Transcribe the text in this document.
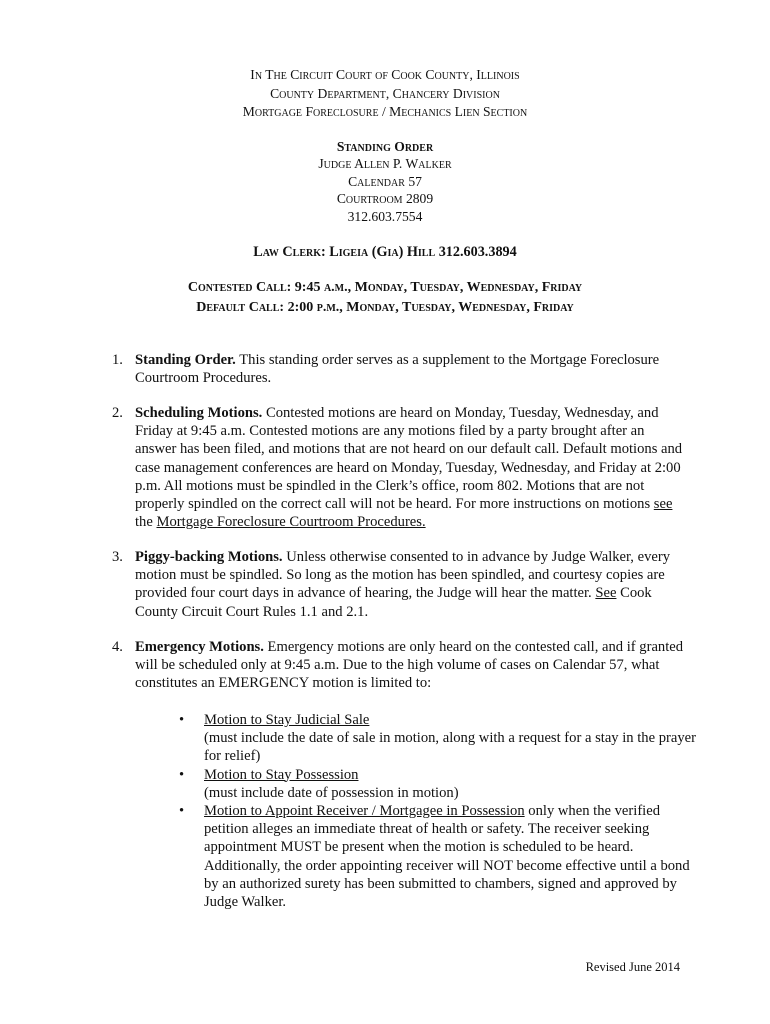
In The Circuit Court of Cook County, Illinois
County Department, Chancery Division
Mortgage Foreclosure / Mechanics Lien Section
Standing Order
Judge Allen P. Walker
Calendar 57
Courtroom 2809
312.603.7554
Law Clerk: Ligeia (Gia) Hill 312.603.3894
Contested Call: 9:45 a.m., Monday, Tuesday, Wednesday, Friday
Default Call: 2:00 p.m., Monday, Tuesday, Wednesday, Friday
1. Standing Order. This standing order serves as a supplement to the Mortgage Foreclosure Courtroom Procedures.
2. Scheduling Motions. Contested motions are heard on Monday, Tuesday, Wednesday, and Friday at 9:45 a.m. Contested motions are any motions filed by a party brought after an answer has been filed, and motions that are not heard on our default call. Default motions and case management conferences are heard on Monday, Tuesday, Wednesday, and Friday at 2:00 p.m. All motions must be spindled in the Clerk’s office, room 802. Motions that are not properly spindled on the correct call will not be heard. For more instructions on motions see the Mortgage Foreclosure Courtroom Procedures.
3. Piggy-backing Motions. Unless otherwise consented to in advance by Judge Walker, every motion must be spindled. So long as the motion has been spindled, and courtesy copies are provided four court days in advance of hearing, the Judge will hear the matter. See Cook County Circuit Court Rules 1.1 and 2.1.
4. Emergency Motions. Emergency motions are only heard on the contested call, and if granted will be scheduled only at 9:45 a.m. Due to the high volume of cases on Calendar 57, what constitutes an EMERGENCY motion is limited to:
• Motion to Stay Judicial Sale
(must include the date of sale in motion, along with a request for a stay in the prayer for relief)
• Motion to Stay Possession
(must include date of possession in motion)
• Motion to Appoint Receiver / Mortgagee in Possession only when the verified petition alleges an immediate threat of health or safety. The receiver seeking appointment MUST be present when the motion is scheduled to be heard. Additionally, the order appointing receiver will NOT become effective until a bond by an authorized surety has been submitted to chambers, signed and approved by Judge Walker.
Revised June 2014
